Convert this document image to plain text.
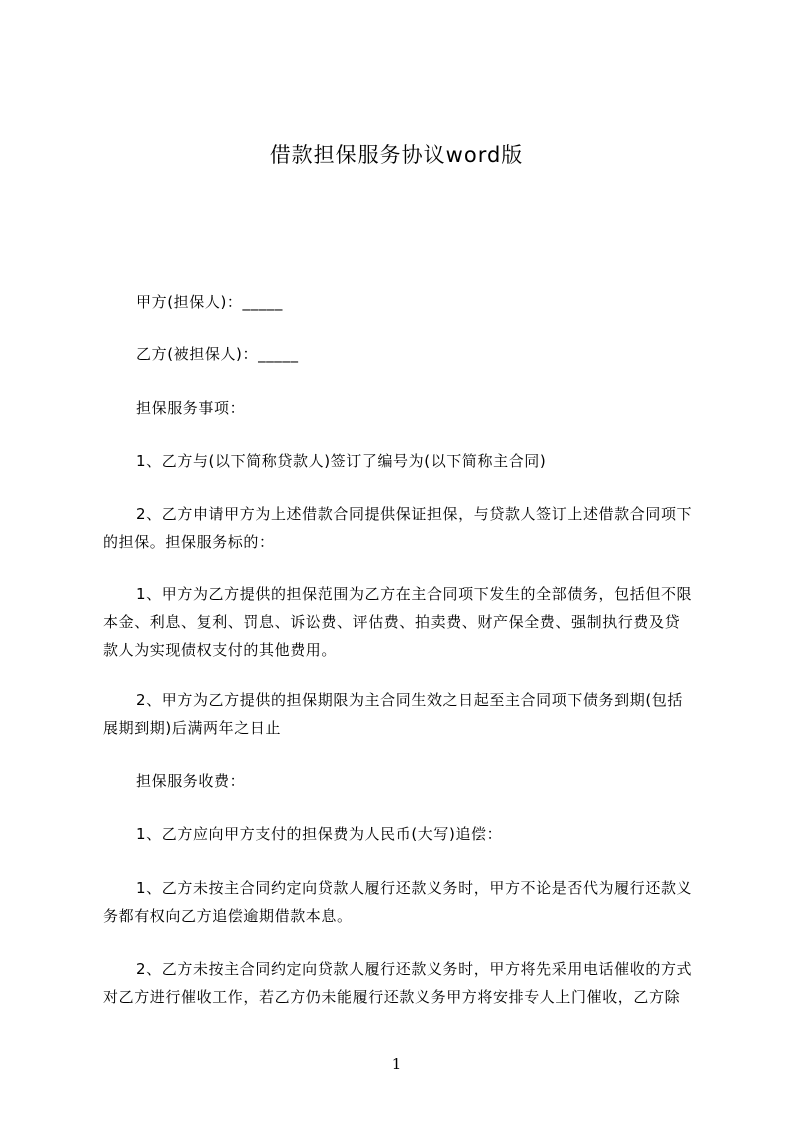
借款担保服务协议word版
甲方(担保人)：_____
乙方(被担保人)：_____
担保服务事项：
1、乙方与(以下简称贷款人)签订了编号为(以下简称主合同)
2、乙方申请甲方为上述借款合同提供保证担保，与贷款人签订上述借款合同项下
的担保。担保服务标的：
1、甲方为乙方提供的担保范围为乙方在主合同项下发生的全部债务，包括但不限
本金、利息、复利、罚息、诉讼费、评估费、拍卖费、财产保全费、强制执行费及贷
款人为实现债权支付的其他费用。
2、甲方为乙方提供的担保期限为主合同生效之日起至主合同项下债务到期(包括
展期到期)后满两年之日止
担保服务收费：
1、乙方应向甲方支付的担保费为人民币(大写)追偿：
1、乙方未按主合同约定向贷款人履行还款义务时，甲方不论是否代为履行还款义
务都有权向乙方追偿逾期借款本息。
2、乙方未按主合同约定向贷款人履行还款义务时，甲方将先采用电话催收的方式
对乙方进行催收工作，若乙方仍未能履行还款义务甲方将安排专人上门催收，乙方除
1
